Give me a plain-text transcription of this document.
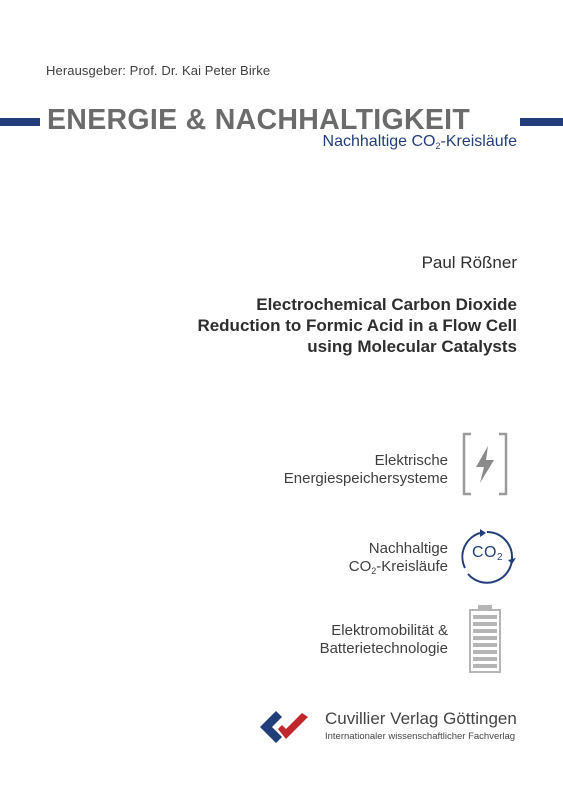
Herausgeber: Prof. Dr. Kai Peter Birke
ENERGIE & NACHHALTIGKEIT
Nachhaltige $CO_2$-Kreisläufe
Paul Rößner
Electrochemical Carbon Dioxide
Reduction to Formic Acid in a Flow Cell
using Molecular Catalysts
Elektrische
Energiespeichersysteme
Nachhaltige
$CO_2$-Kreisläufe
$CO_2$
Elektromobilität &
Batterietechnologie
Cuvillier Verlag Göttingen
Internationaler wissenschaftlicher Fachverlag
